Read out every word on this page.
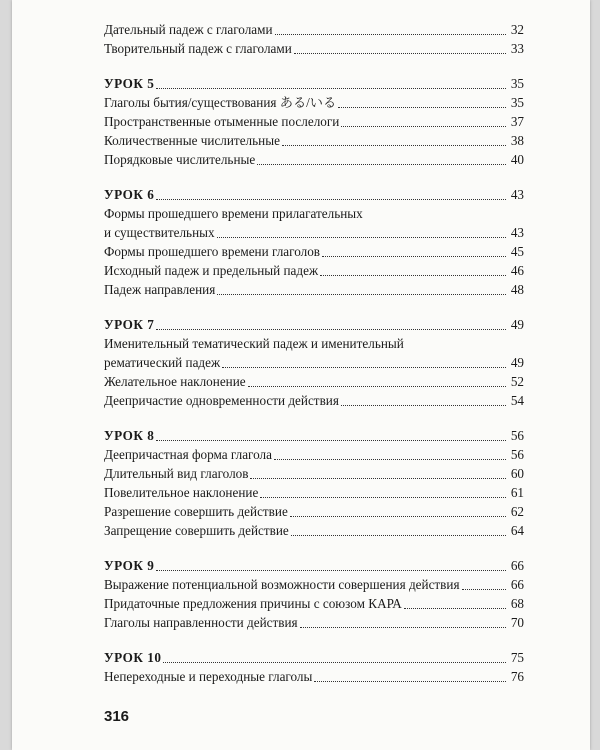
Дательный падеж с глаголами	32
Творительный падеж с глаголами	33
УРОК 5	35
Глаголы бытия/существования ある/いる	35
Пространственные отыменные послелоги	37
Количественные числительные	38
Порядковые числительные	40
УРОК 6	43
Формы прошедшего времени прилагательных
и существительных	43
Формы прошедшего времени глаголов	45
Исходный падеж и предельный падеж	46
Падеж направления	48
УРОК 7	49
Именительный тематический падеж и именительный
рематический падеж	49
Желательное наклонение	52
Деепричастие одновременности действия	54
УРОК 8	56
Деепричастная форма глагола	56
Длительный вид глаголов	60
Повелительное наклонение	61
Разрешение совершить действие	62
Запрещение совершить действие	64
УРОК 9	66
Выражение потенциальной возможности совершения действия	66
Придаточные предложения причины с союзом КАРА	68
Глаголы направленности действия	70
УРОК 10	75
Непереходные и переходные глаголы	76
316
